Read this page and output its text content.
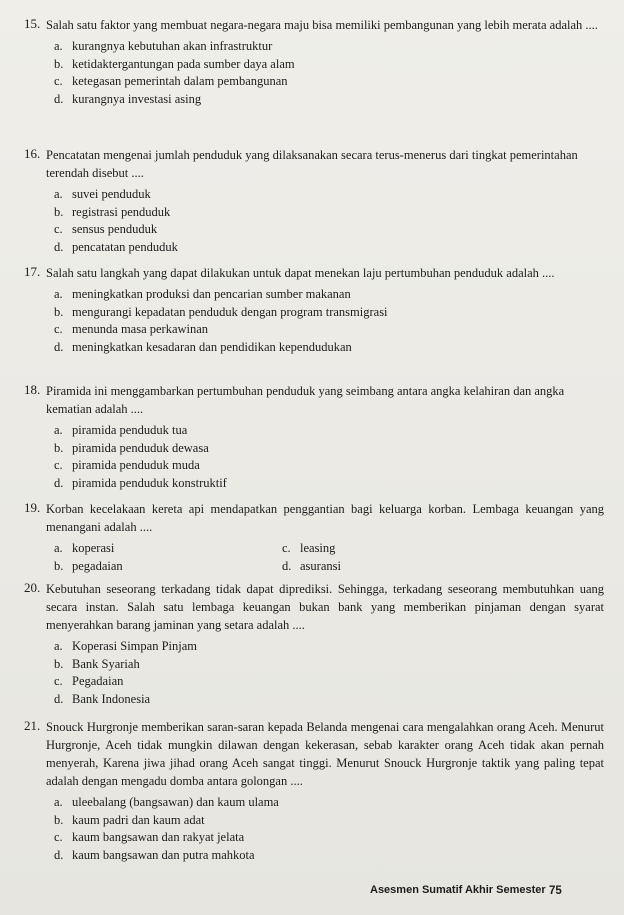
15. Salah satu faktor yang membuat negara-negara maju bisa memiliki pembangunan yang lebih merata adalah ....
a. kurangnya kebutuhan akan infrastruktur
b. ketidaktergantungan pada sumber daya alam
c. ketegasan pemerintah dalam pembangunan
d. kurangnya investasi asing
16. Pencatatan mengenai jumlah penduduk yang dilaksanakan secara terus-menerus dari tingkat pemerintahan terendah disebut ....
a. suvei penduduk
b. registrasi penduduk
c. sensus penduduk
d. pencatatan penduduk
17. Salah satu langkah yang dapat dilakukan untuk dapat menekan laju pertumbuhan penduduk adalah ....
a. meningkatkan produksi dan pencarian sumber makanan
b. mengurangi kepadatan penduduk dengan program transmigrasi
c. menunda masa perkawinan
d. meningkatkan kesadaran dan pendidikan kependudukan
18. Piramida ini menggambarkan pertumbuhan penduduk yang seimbang antara angka kelahiran dan angka kematian adalah ....
a. piramida penduduk tua
b. piramida penduduk dewasa
c. piramida penduduk muda
d. piramida penduduk konstruktif
19. Korban kecelakaan kereta api mendapatkan penggantian bagi keluarga korban. Lembaga keuangan yang menangani adalah ....
a. koperasi
b. pegadaian
c. leasing
d. asuransi
20. Kebutuhan seseorang terkadang tidak dapat diprediksi. Sehingga, terkadang seseorang membutuhkan uang secara instan. Salah satu lembaga keuangan bukan bank yang memberikan pinjaman dengan syarat menyerahkan barang jaminan yang setara adalah ....
a. Koperasi Simpan Pinjam
b. Bank Syariah
c. Pegadaian
d. Bank Indonesia
21. Snouck Hurgronje memberikan saran-saran kepada Belanda mengenai cara mengalahkan orang Aceh. Menurut Hurgronje, Aceh tidak mungkin dilawan dengan kekerasan, sebab karakter orang Aceh tidak akan pernah menyerah, Karena jiwa jihad orang Aceh sangat tinggi. Menurut Snouck Hurgronje taktik yang paling tepat adalah dengan mengadu domba antara golongan ....
a. uleebalang (bangsawan) dan kaum ulama
b. kaum padri dan kaum adat
c. kaum bangsawan dan rakyat jelata
d. kaum bangsawan dan putra mahkota
Asesmen Sumatif Akhir Semester 75
